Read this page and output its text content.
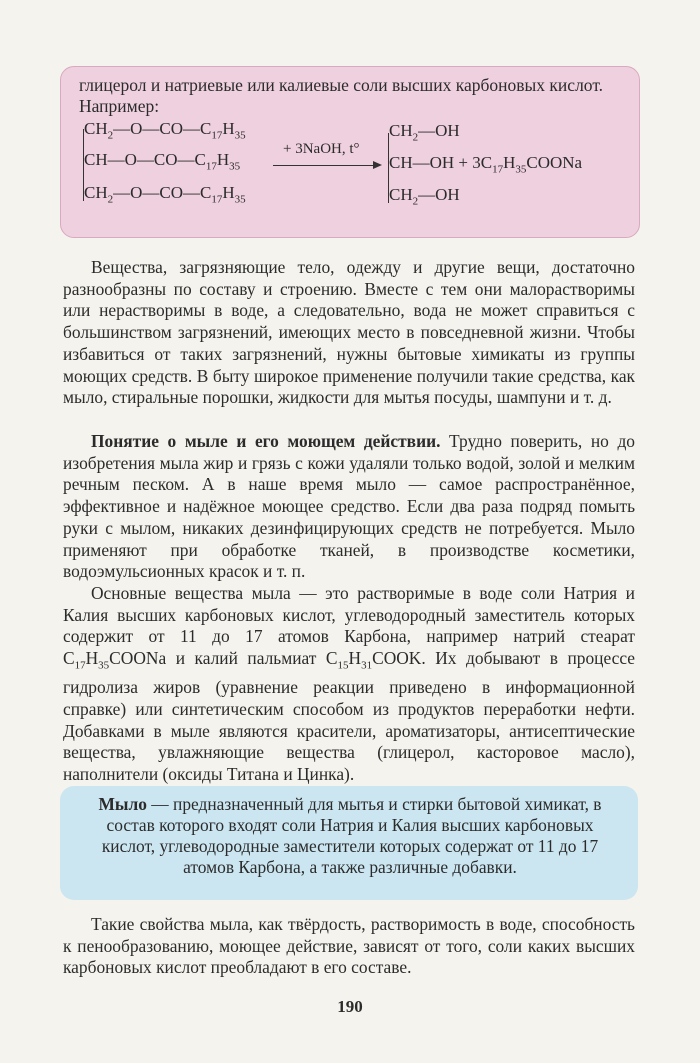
глицерол и натриевые или калиевые соли высших карбоновых кислот. Например:
$CH_2—O—CO—C_{17}H_{35}$
$CH—O—CO—C_{17}H_{35}$
$CH_2—O—CO—C_{17}H_{35}$
+ 3NaOH, t°
$CH_2—OH$
CH—OH + $3C_{17}H_{35}COONa$
$CH_2—OH$

Вещества, загрязняющие тело, одежду и другие вещи, достаточно разнообразны по составу и строению. Вместе с тем они малорастворимы или нерастворимы в воде, а следовательно, вода не может справиться с большинством загрязнений, имеющих место в повседневной жизни. Чтобы избавиться от таких загрязнений, нужны бытовые химикаты из группы моющих средств. В быту широкое применение получили такие средства, как мыло, стиральные порошки, жидкости для мытья посуды, шампуни и т. д.

Понятие о мыле и его моющем действии. Трудно поверить, но до изобретения мыла жир и грязь с кожи удаляли только водой, золой и мелким речным песком. А в наше время мыло — самое распространённое, эффективное и надёжное моющее средство. Если два раза подряд помыть руки с мылом, никаких дезинфицирующих средств не потребуется. Мыло применяют при обработке тканей, в производстве косметики, водоэмульсионных красок и т. п.

Основные вещества мыла — это растворимые в воде соли Натрия и Калия высших карбоновых кислот, углеводородный заместитель которых содержит от 11 до 17 атомов Карбона, например натрий стеарат $C_{17}H_{35}COONa$ и калий пальмиат $C_{15}H_{31}COOK$. Их добывают в процессе гидролиза жиров (уравнение реакции приведено в информационной справке) или синтетическим способом из продуктов переработки нефти. Добавками в мыле являются красители, ароматизаторы, антисептические вещества, увлажняющие вещества (глицерол, касторовое масло), наполнители (оксиды Титана и Цинка).

Мыло — предназначенный для мытья и стирки бытовой химикат, в состав которого входят соли Натрия и Калия высших карбоновых кислот, углеводородные заместители которых содержат от 11 до 17 атомов Карбона, а также различные добавки.

Такие свойства мыла, как твёрдость, растворимость в воде, способность к пенообразованию, моющее действие, зависят от того, соли каких высших карбоновых кислот преобладают в его составе.

190
